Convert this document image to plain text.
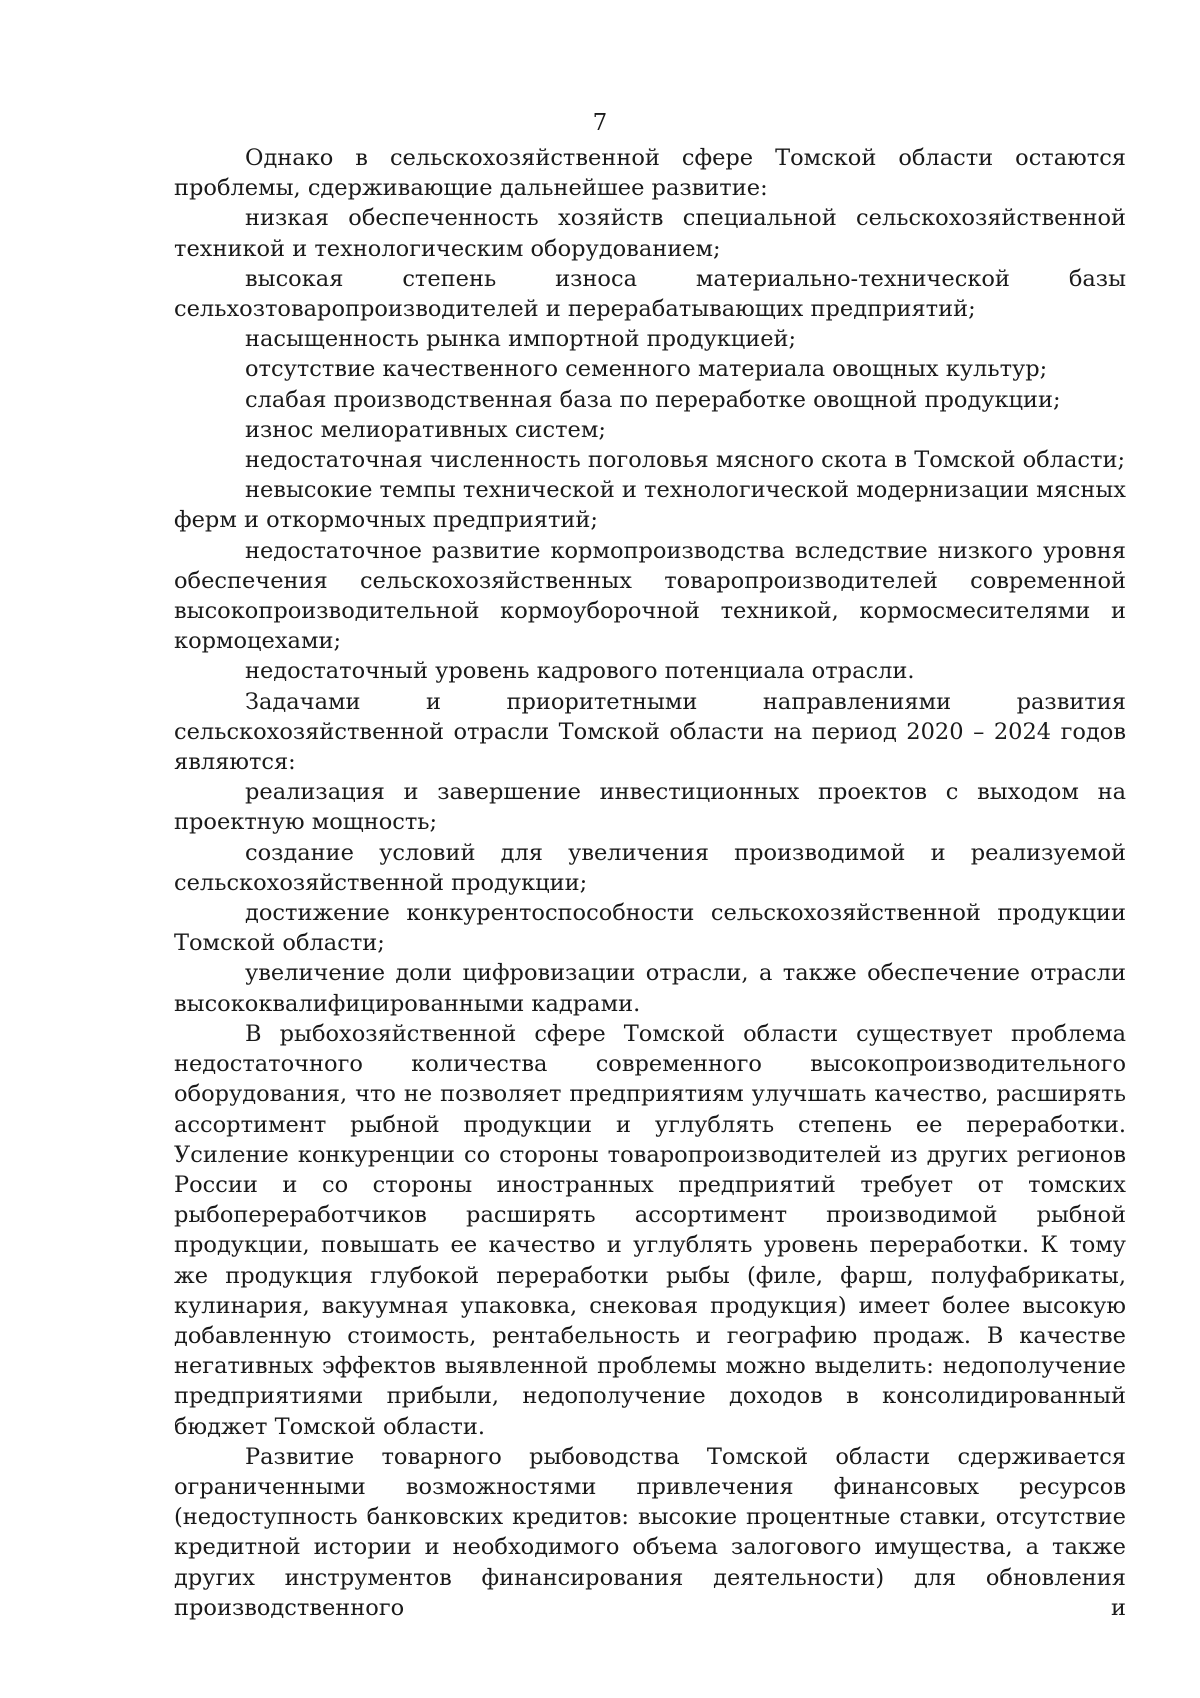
7

Однако в сельскохозяйственной сфере Томской области остаются проблемы, сдерживающие дальнейшее развитие:

низкая обеспеченность хозяйств специальной сельскохозяйственной техникой и технологическим оборудованием;

высокая степень износа материально-технической базы сельхозтоваропроизводителей и перерабатывающих предприятий;

насыщенность рынка импортной продукцией;

отсутствие качественного семенного материала овощных культур;

слабая производственная база по переработке овощной продукции;

износ мелиоративных систем;

недостаточная численность поголовья мясного скота в Томской области;

невысокие темпы технической и технологической модернизации мясных ферм и откормочных предприятий;

недостаточное развитие кормопроизводства вследствие низкого уровня обеспечения сельскохозяйственных товаропроизводителей современной высокопроизводительной кормоуборочной техникой, кормосмесителями и кормоцехами;

недостаточный уровень кадрового потенциала отрасли.

Задачами и приоритетными направлениями развития сельскохозяйственной отрасли Томской области на период 2020 – 2024 годов являются:

реализация и завершение инвестиционных проектов с выходом на проектную мощность;

создание условий для увеличения производимой и реализуемой сельскохозяйственной продукции;

достижение конкурентоспособности сельскохозяйственной продукции Томской области;

увеличение доли цифровизации отрасли, а также обеспечение отрасли высококвалифицированными кадрами.

В рыбохозяйственной сфере Томской области существует проблема недостаточного количества современного высокопроизводительного оборудования, что не позволяет предприятиям улучшать качество, расширять ассортимент рыбной продукции и углублять степень ее переработки. Усиление конкуренции со стороны товаропроизводителей из других регионов России и со стороны иностранных предприятий требует от томских рыбопереработчиков расширять ассортимент производимой рыбной продукции, повышать ее качество и углублять уровень переработки. К тому же продукция глубокой переработки рыбы (филе, фарш, полуфабрикаты, кулинария, вакуумная упаковка, снековая продукция) имеет более высокую добавленную стоимость, рентабельность и географию продаж. В качестве негативных эффектов выявленной проблемы можно выделить: недополучение предприятиями прибыли, недополучение доходов в консолидированный бюджет Томской области.

Развитие товарного рыбоводства Томской области сдерживается ограниченными возможностями привлечения финансовых ресурсов (недоступность банковских кредитов: высокие процентные ставки, отсутствие кредитной истории и необходимого объема залогового имущества, а также других инструментов финансирования деятельности) для обновления производственного и
